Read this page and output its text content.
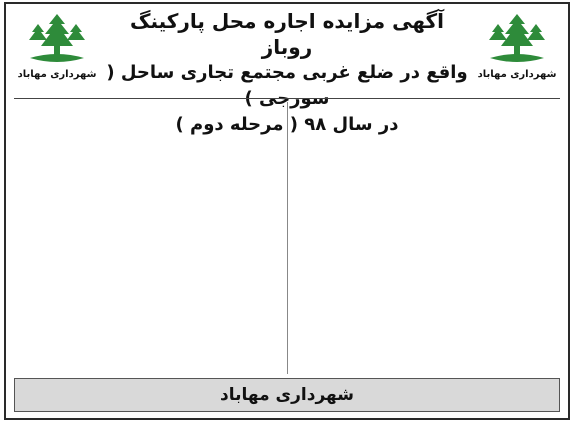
شهرداری مهاباد
آگهی مزایده اجاره محل پارکینگ روباز
واقع در ضلع غربی مجتمع تجاری ساحل ( سورجی )
در سال ۹۸ ( مرحله دوم )
شهرداری مهاباد
شهرداری مهاباد
